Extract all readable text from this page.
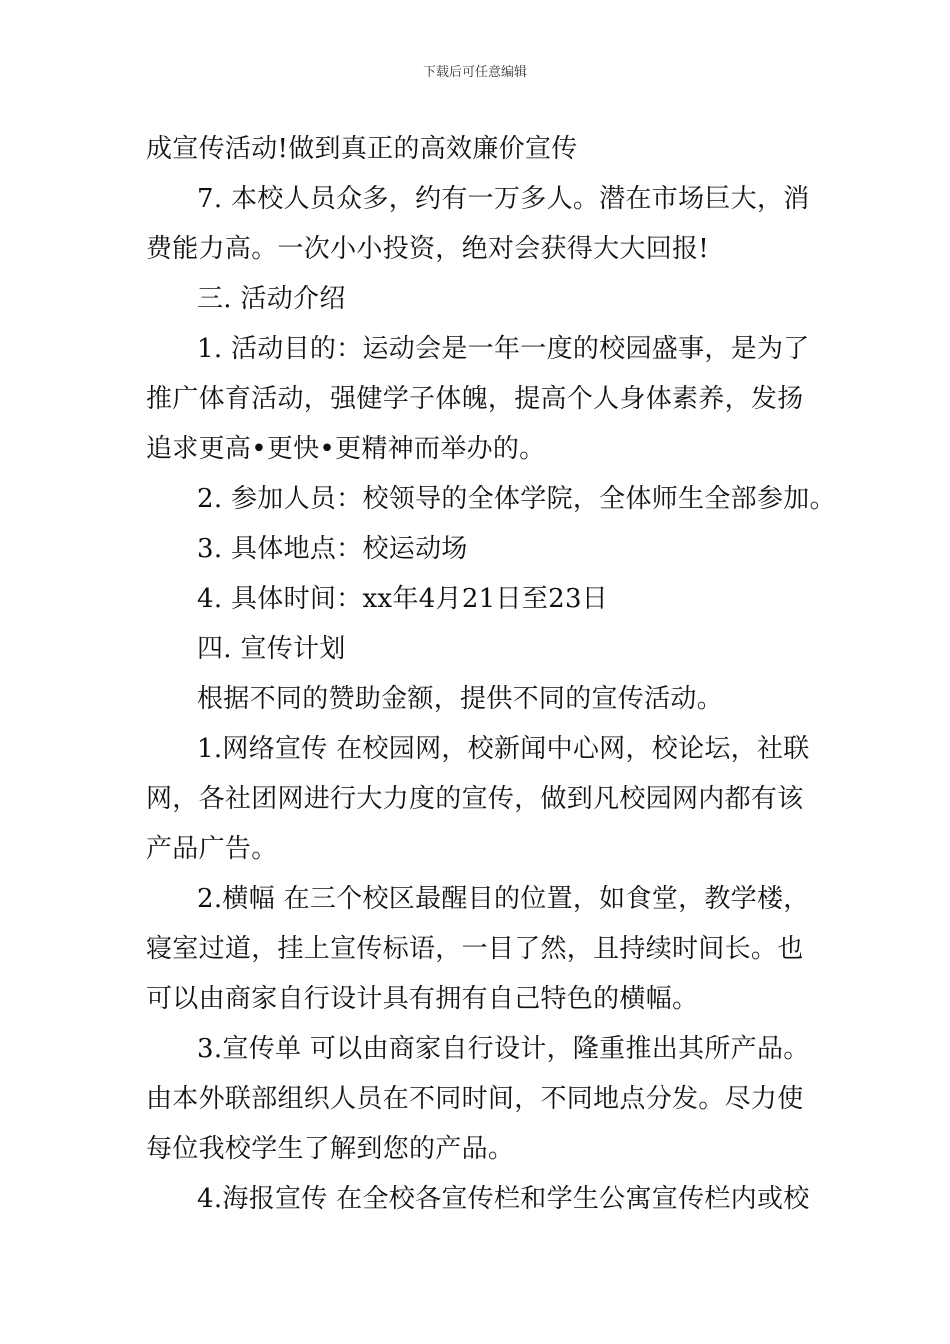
下载后可任意编辑
成宣传活动!做到真正的高效廉价宣传
7. 本校人员众多，约有一万多人。潜在市场巨大，消
费能力高。一次小小投资，绝对会获得大大回报!
三. 活动介绍
1. 活动目的：运动会是一年一度的校园盛事，是为了
推广体育活动，强健学子体魄，提高个人身体素养，发扬
追求更高•更快•更精神而举办的。
2. 参加人员：校领导的全体学院，全体师生全部参加。
3. 具体地点：校运动场
4. 具体时间：xx年4月21日至23日
四. 宣传计划
根据不同的赞助金额，提供不同的宣传活动。
1.网络宣传 在校园网，校新闻中心网，校论坛，社联
网，各社团网进行大力度的宣传，做到凡校园网内都有该
产品广告。
2.横幅 在三个校区最醒目的位置，如食堂，教学楼，
寝室过道，挂上宣传标语，一目了然，且持续时间长。也
可以由商家自行设计具有拥有自己特色的横幅。
3.宣传单 可以由商家自行设计，隆重推出其所产品。
由本外联部组织人员在不同时间，不同地点分发。尽力使
每位我校学生了解到您的产品。
4.海报宣传 在全校各宣传栏和学生公寓宣传栏内或校
